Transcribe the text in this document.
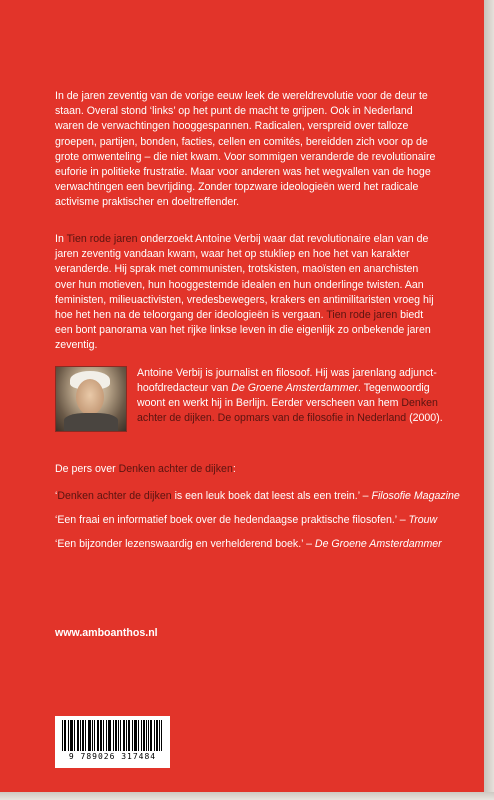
In de jaren zeventig van de vorige eeuw leek de wereldrevolutie voor de deur te staan. Overal stond ‘links’ op het punt de macht te grijpen. Ook in Nederland waren de verwachtingen hooggespannen. Radicalen, verspreid over talloze groepen, partijen, bonden, facties, cellen en comités, bereidden zich voor op de grote omwenteling – die niet kwam. Voor sommigen veranderde de revolutionaire euforie in politieke frustratie. Maar voor anderen was het wegvallen van de hoge verwachtingen een bevrijding. Zonder topzware ideologieën werd het radicale activisme praktischer en doeltreffender.
In Tien rode jaren onderzoekt Antoine Verbij waar dat revolutionaire elan van de jaren zeventig vandaan kwam, waar het op stukliep en hoe het van karakter veranderde. Hij sprak met communisten, trotskisten, maoïsten en anarchisten over hun motieven, hun hooggestemde idealen en hun onderlinge twisten. Aan feministen, milieuactivisten, vredesbewegers, krakers en antimilitaristen vroeg hij hoe het hen na de teloorgang der ideologieën is vergaan. Tien rode jaren biedt een bont panorama van het rijke linkse leven in die eigenlijk zo onbekende jaren zeventig.
Antoine Verbij is journalist en filosoof. Hij was jarenlang adjunct-hoofdredacteur van De Groene Amsterdammer. Tegenwoordig woont en werkt hij in Berlijn. Eerder verscheen van hem Denken achter de dijken. De opmars van de filosofie in Nederland (2000).
De pers over Denken achter de dijken:
‘Denken achter de dijken is een leuk boek dat leest als een trein.’ – Filosofie Magazine
‘Een fraai en informatief boek over de hedendaagse praktische filosofen.’ – Trouw
‘Een bijzonder lezenswaardig en verhelderend boek.’ – De Groene Amsterdammer
www.amboanthos.nl
9 789026 317484
